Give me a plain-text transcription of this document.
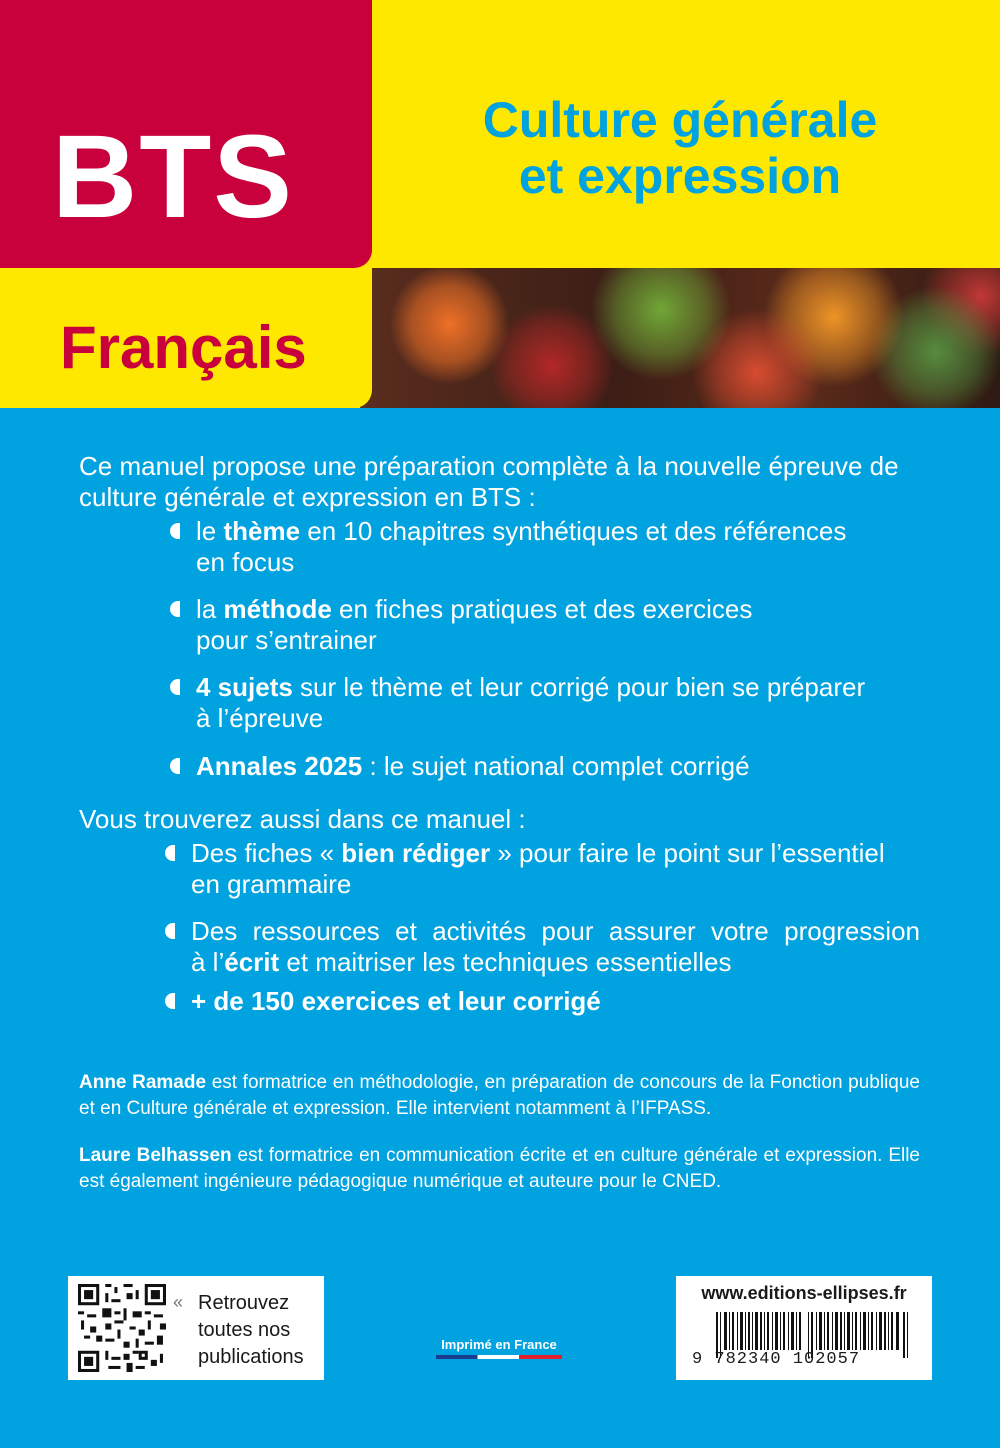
BTS
Français
Culture générale
et expression
Ce manuel propose une préparation complète à la nouvelle épreuve de culture générale et expression en BTS :
le thème en 10 chapitres synthétiques et des références
en focus
la méthode en fiches pratiques et des exercices
pour s’entrainer
4 sujets sur le thème et leur corrigé pour bien se préparer
à l’épreuve
Annales 2025 : le sujet national complet corrigé
Vous trouverez aussi dans ce manuel :
Des fiches « bien rédiger » pour faire le point sur l’essentiel
en grammaire
Des ressources et activités pour assurer votre progression
à l’écrit et maitriser les techniques essentielles
+ de 150 exercices et leur corrigé
Anne Ramade est formatrice en méthodologie, en préparation de concours de la Fonction publique et en Culture générale et expression. Elle intervient notamment à l’IFPASS.
Laure Belhassen est formatrice en communication écrite et en culture générale et expression. Elle est également ingénieure pédagogique numérique et auteure pour le CNED.
« Retrouvez
toutes nos
publications
Imprimé en France
www.editions-ellipses.fr
9 782340 102057
